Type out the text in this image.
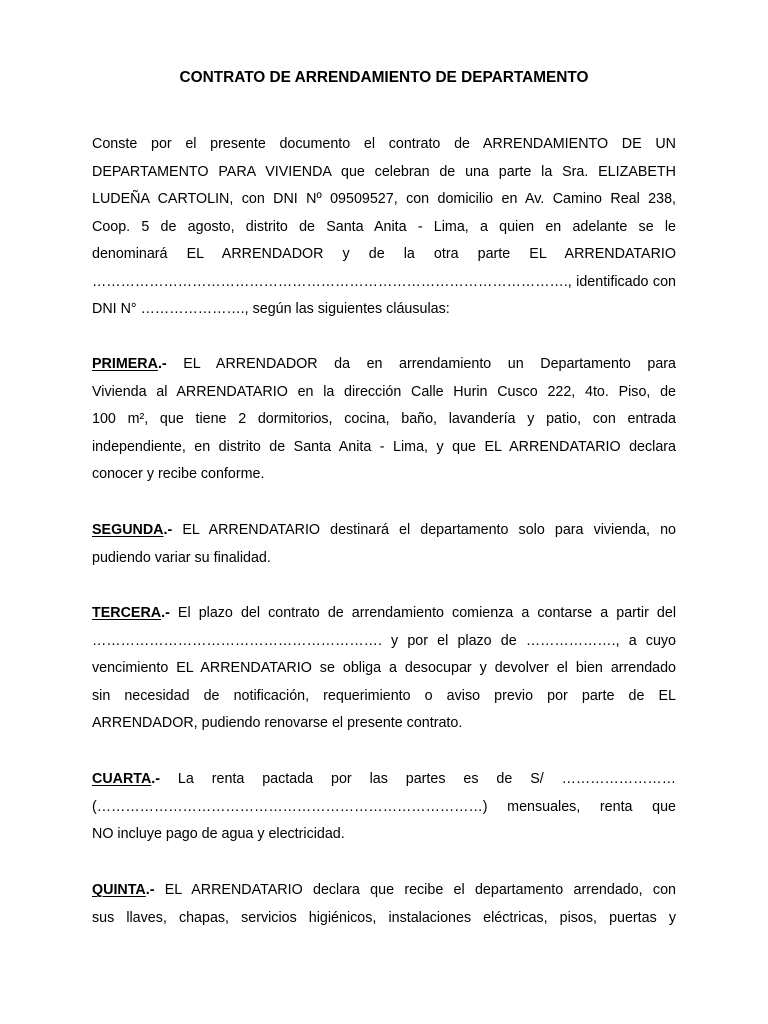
CONTRATO DE ARRENDAMIENTO DE DEPARTAMENTO
Conste por el presente documento el contrato de ARRENDAMIENTO DE UN
DEPARTAMENTO PARA VIVIENDA que celebran de una parte la Sra. ELIZABETH
LUDEÑA CARTOLIN, con DNI Nº 09509527, con domicilio en Av. Camino Real 238,
Coop. 5 de agosto, distrito de Santa Anita - Lima, a quien en adelante se le
denominará EL ARRENDADOR y de la otra parte EL ARRENDATARIO
………………………………………………………………………………………., identificado con
DNI N° …………………., según las siguientes cláusulas:
PRIMERA.- EL ARRENDADOR da en arrendamiento un Departamento para
Vivienda al ARRENDATARIO en la dirección Calle Hurin Cusco 222, 4to. Piso, de
100 m², que tiene 2 dormitorios, cocina, baño, lavandería y patio, con entrada
independiente, en distrito de Santa Anita - Lima, y que EL ARRENDATARIO declara
conocer y recibe conforme.
SEGUNDA.- EL ARRENDATARIO destinará el departamento solo para vivienda, no
pudiendo variar su finalidad.
TERCERA.- El plazo del contrato de arrendamiento comienza a contarse a partir del
……………………………………………………. y por el plazo de ………………., a cuyo
vencimiento EL ARRENDATARIO se obliga a desocupar y devolver el bien arrendado
sin necesidad de notificación, requerimiento o aviso previo por parte de EL
ARRENDADOR, pudiendo renovarse el presente contrato.
CUARTA.- La renta pactada por las partes es de S/ ……………………
(………………………………………………………………………) mensuales, renta que
NO incluye pago de agua y electricidad.
QUINTA.- EL ARRENDATARIO declara que recibe el departamento arrendado, con
sus llaves, chapas, servicios higiénicos, instalaciones eléctricas, pisos, puertas y
